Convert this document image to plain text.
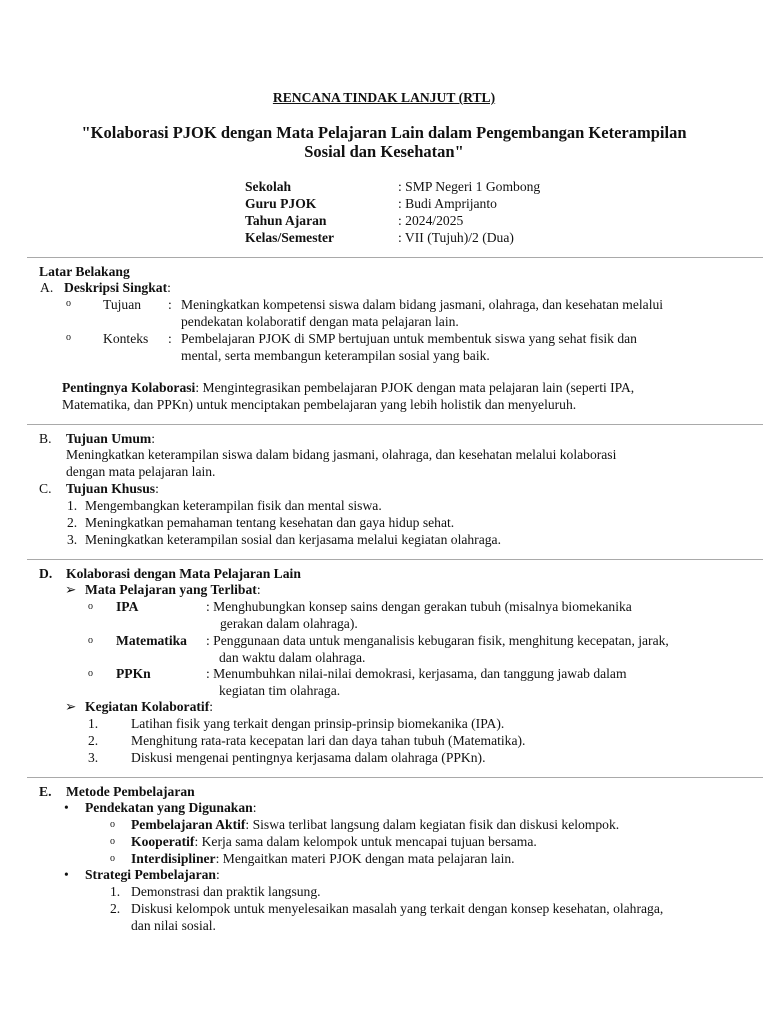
RENCANA TINDAK LANJUT (RTL)
"Kolaborasi PJOK dengan Mata Pelajaran Lain dalam Pengembangan Keterampilan
Sosial dan Kesehatan"
Sekolah	: SMP Negeri 1 Gombong
Guru PJOK	: Budi Amprijanto
Tahun Ajaran	: 2024/2025
Kelas/Semester	: VII (Tujuh)/2 (Dua)
Latar Belakang
A. Deskripsi Singkat:
o Tujuan : Meningkatkan kompetensi siswa dalam bidang jasmani, olahraga, dan kesehatan melalui
pendekatan kolaboratif dengan mata pelajaran lain.
o Konteks : Pembelajaran PJOK di SMP bertujuan untuk membentuk siswa yang sehat fisik dan
mental, serta membangun keterampilan sosial yang baik.
Pentingnya Kolaborasi: Mengintegrasikan pembelajaran PJOK dengan mata pelajaran lain (seperti IPA,
Matematika, dan PPKn) untuk menciptakan pembelajaran yang lebih holistik dan menyeluruh.
B. Tujuan Umum:
Meningkatkan keterampilan siswa dalam bidang jasmani, olahraga, dan kesehatan melalui kolaborasi
dengan mata pelajaran lain.
C. Tujuan Khusus:
1. Mengembangkan keterampilan fisik dan mental siswa.
2. Meningkatkan pemahaman tentang kesehatan dan gaya hidup sehat.
3. Meningkatkan keterampilan sosial dan kerjasama melalui kegiatan olahraga.
D. Kolaborasi dengan Mata Pelajaran Lain
➢ Mata Pelajaran yang Terlibat:
o IPA	: Menghubungkan konsep sains dengan gerakan tubuh (misalnya biomekanika
gerakan dalam olahraga).
o Matematika : Penggunaan data untuk menganalisis kebugaran fisik, menghitung kecepatan, jarak,
dan waktu dalam olahraga.
o PPKn	: Menumbuhkan nilai-nilai demokrasi, kerjasama, dan tanggung jawab dalam
kegiatan tim olahraga.
➢ Kegiatan Kolaboratif:
1. Latihan fisik yang terkait dengan prinsip-prinsip biomekanika (IPA).
2. Menghitung rata-rata kecepatan lari dan daya tahan tubuh (Matematika).
3. Diskusi mengenai pentingnya kerjasama dalam olahraga (PPKn).
E. Metode Pembelajaran
• Pendekatan yang Digunakan:
o Pembelajaran Aktif: Siswa terlibat langsung dalam kegiatan fisik dan diskusi kelompok.
o Kooperatif: Kerja sama dalam kelompok untuk mencapai tujuan bersama.
o Interdisipliner: Mengaitkan materi PJOK dengan mata pelajaran lain.
• Strategi Pembelajaran:
1. Demonstrasi dan praktik langsung.
2. Diskusi kelompok untuk menyelesaikan masalah yang terkait dengan konsep kesehatan, olahraga,
dan nilai sosial.
